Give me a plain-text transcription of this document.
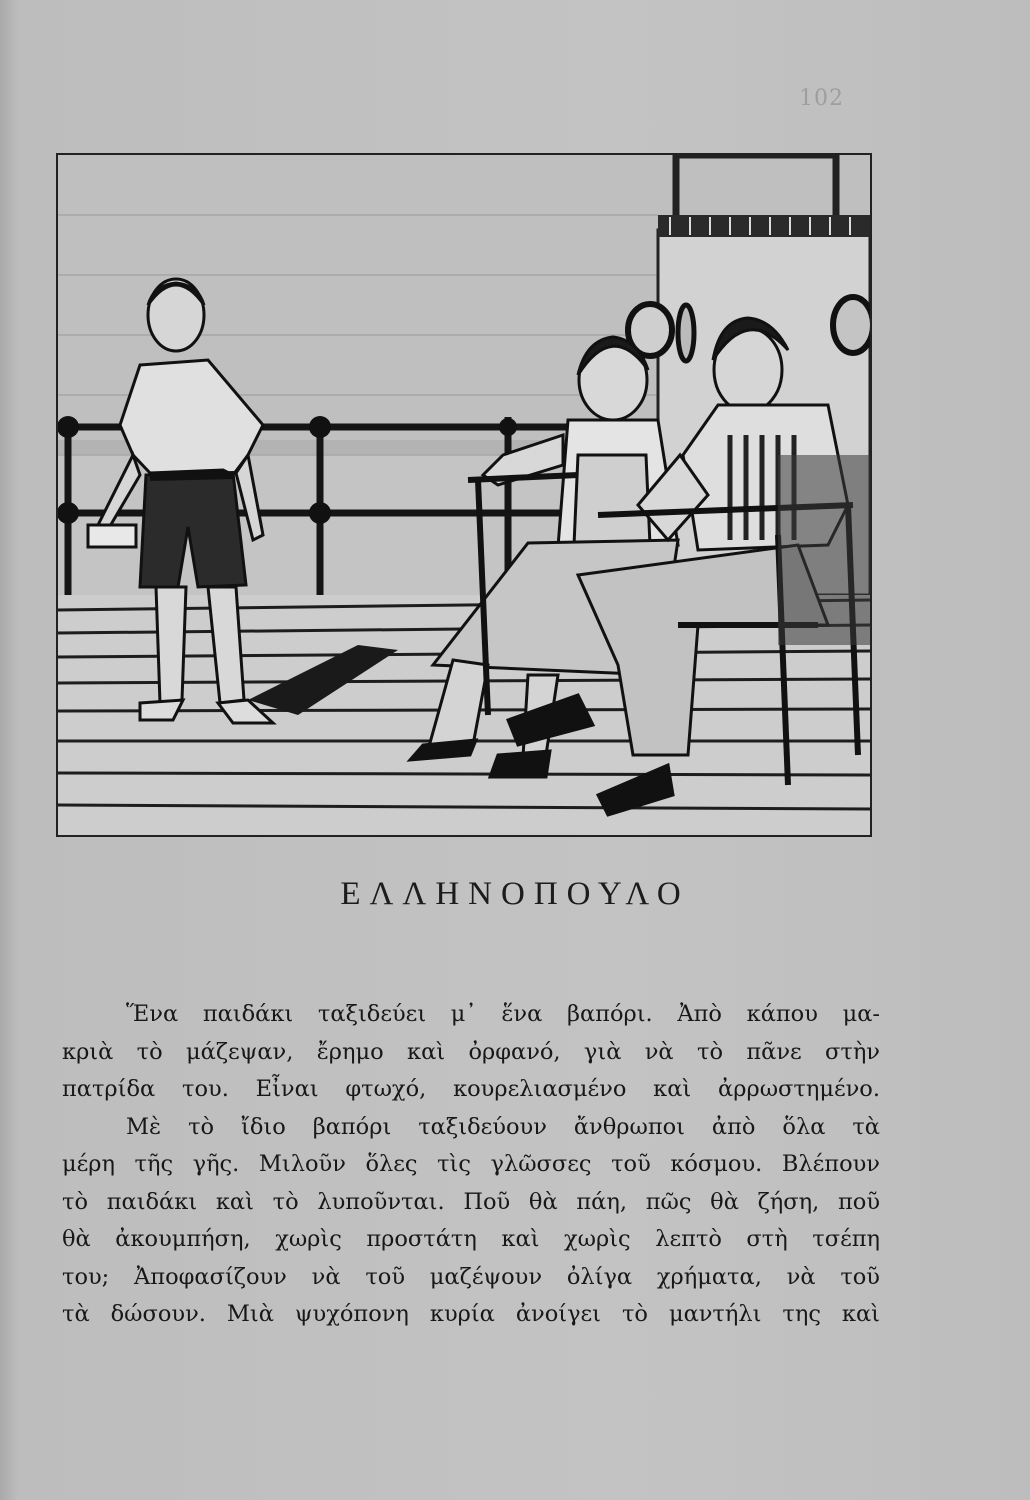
102
ΕΛΛΗΝΟΠΟΥΛΟ
Ἕνα παιδάκι ταξιδεύει μ᾿ ἕνα βαπόρι. Ἀπὸ κάπου μα-
κριὰ τὸ μάζεψαν, ἔρημο καὶ ὀρφανό, γιὰ νὰ τὸ πᾶνε στὴν
πατρίδα του. Εἶναι φτωχό, κουρελιασμένο καὶ ἀρρωστημένο.
Μὲ τὸ ἴδιο βαπόρι ταξιδεύουν ἄνθρωποι ἀπὸ ὅλα τὰ
μέρη τῆς γῆς. Μιλοῦν ὅλες τὶς γλῶσσες τοῦ κόσμου. Βλέπουν
τὸ παιδάκι καὶ τὸ λυποῦνται. Ποῦ θὰ πάη, πῶς θὰ ζήση, ποῦ
θὰ ἀκουμπήση, χωρὶς προστάτη καὶ χωρὶς λεπτὸ στὴ τσέπη
του; Ἀποφασίζουν νὰ τοῦ μαζέψουν ὀλίγα χρήματα, νὰ τοῦ
τὰ δώσουν. Μιὰ ψυχόπονη κυρία ἀνοίγει τὸ μαντήλι της καὶ
